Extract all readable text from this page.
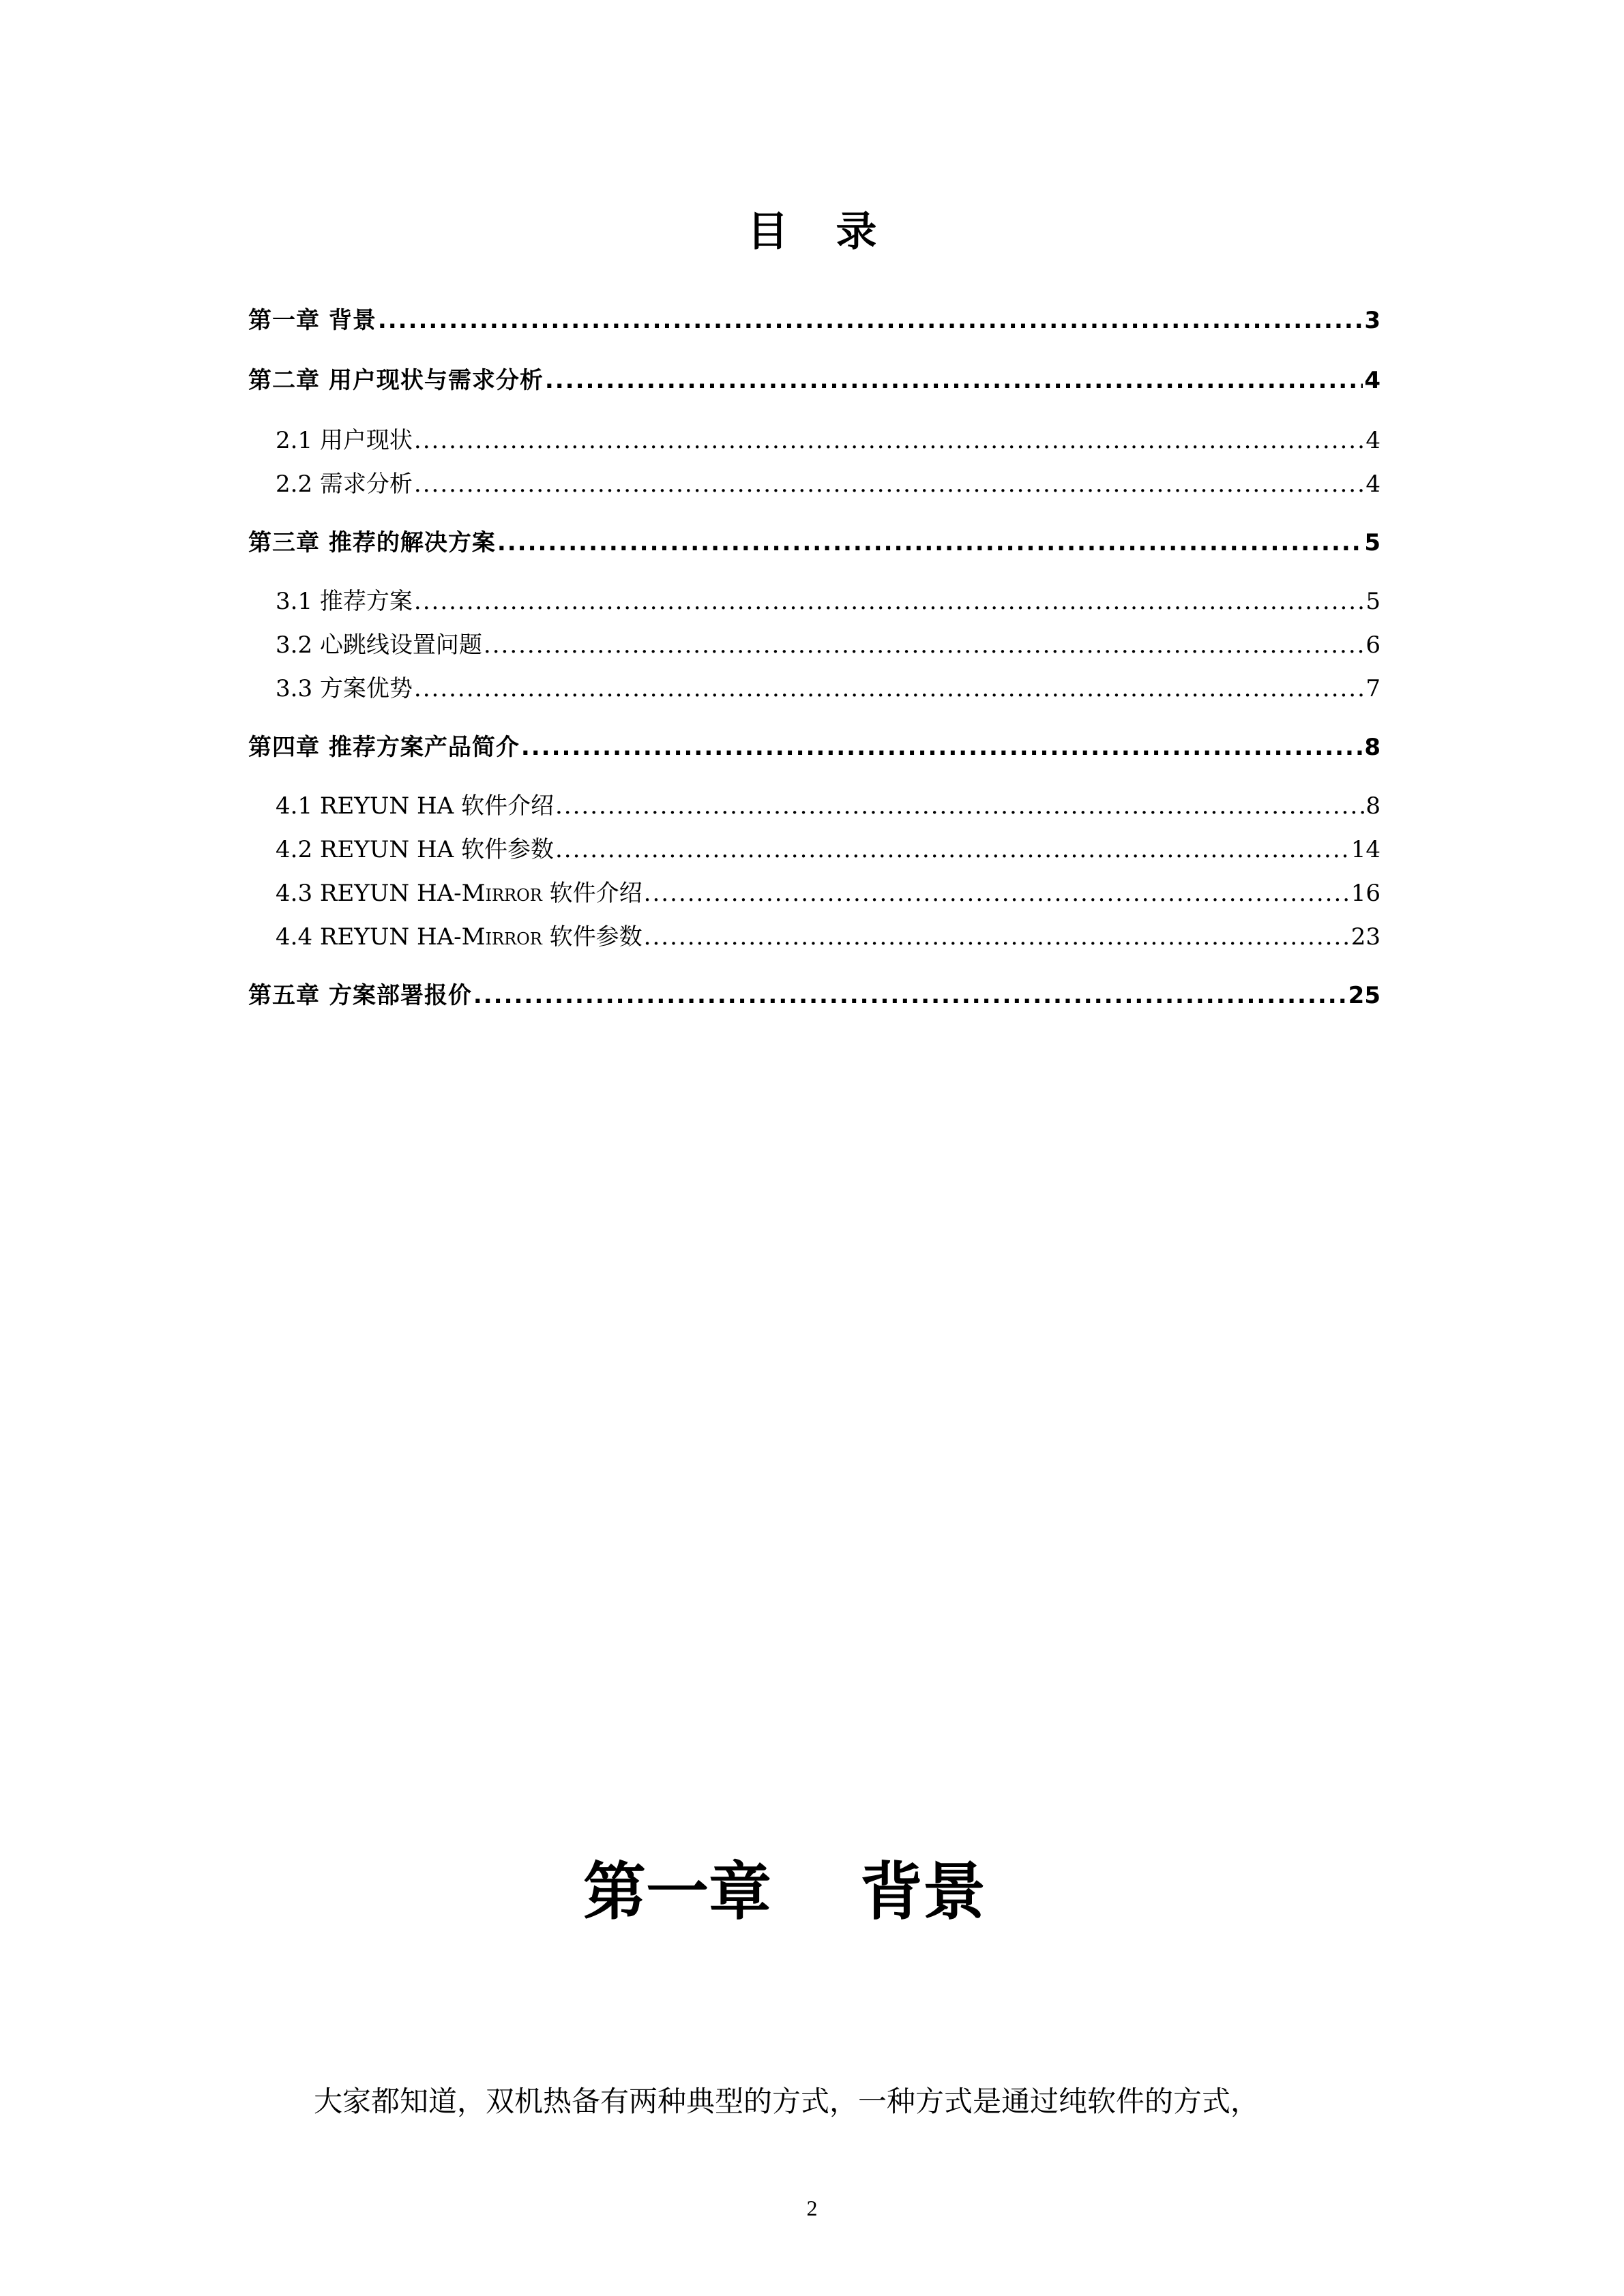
目录
第一章 背景 .....	3
第二章 用户现状与需求分析 .....	4
2.1 用户现状 .....	4
2.2 需求分析 .....	4
第三章 推荐的解决方案 .....	5
3.1 推荐方案 .....	5
3.2 心跳线设置问题 .....	6
3.3 方案优势 .....	7
第四章 推荐方案产品简介 .....	8
4.1 REYUN HA 软件介绍 .....	8
4.2 REYUN HA 软件参数 .....	14
4.3 REYUN HA-Mirror 软件介绍 .....	16
4.4 REYUN HA-Mirror 软件参数 .....	23
第五章 方案部署报价 .....	25
第一章 背景
大家都知道，双机热备有两种典型的方式，一种方式是通过纯软件的方式，
2
